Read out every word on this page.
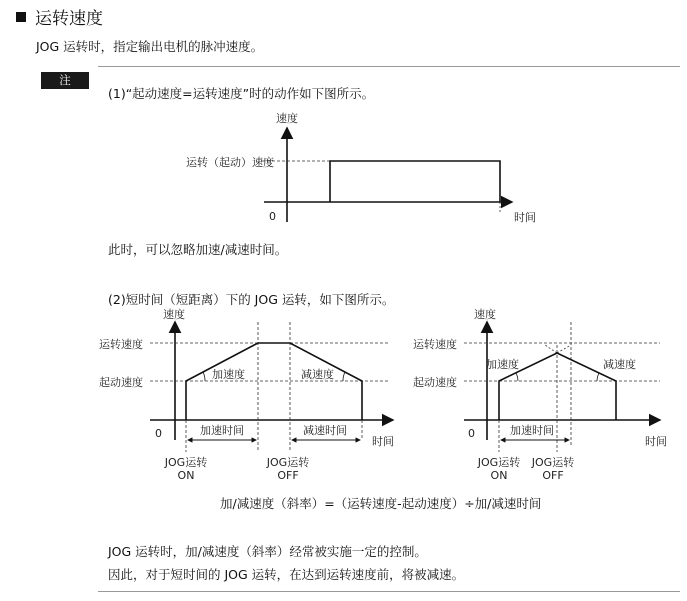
运转速度
JOG 运转时，指定输出电机的脉冲速度。
注
(1)“起动速度=运转速度”时的动作如下图所示。
速度
运转（起动）速度
0	时间
速度
运转速度
起动速度
加速度	减速度
0	加速时间	减速时间
时间
JOG运转
ON
JOG运转
OFF
速度
运转速度
起动速度
加速度	减速度
0	加速时间
时间
JOG运转
ON
JOG运转
OFF
此时，可以忽略加速/减速时间。
(2)短时间（短距离）下的 JOG 运转，如下图所示。
加/减速度（斜率）=（运转速度-起动速度）÷加/减速时间
JOG 运转时，加/减速度（斜率）经常被实施一定的控制。
因此，对于短时间的 JOG 运转，在达到运转速度前，将被减速。
